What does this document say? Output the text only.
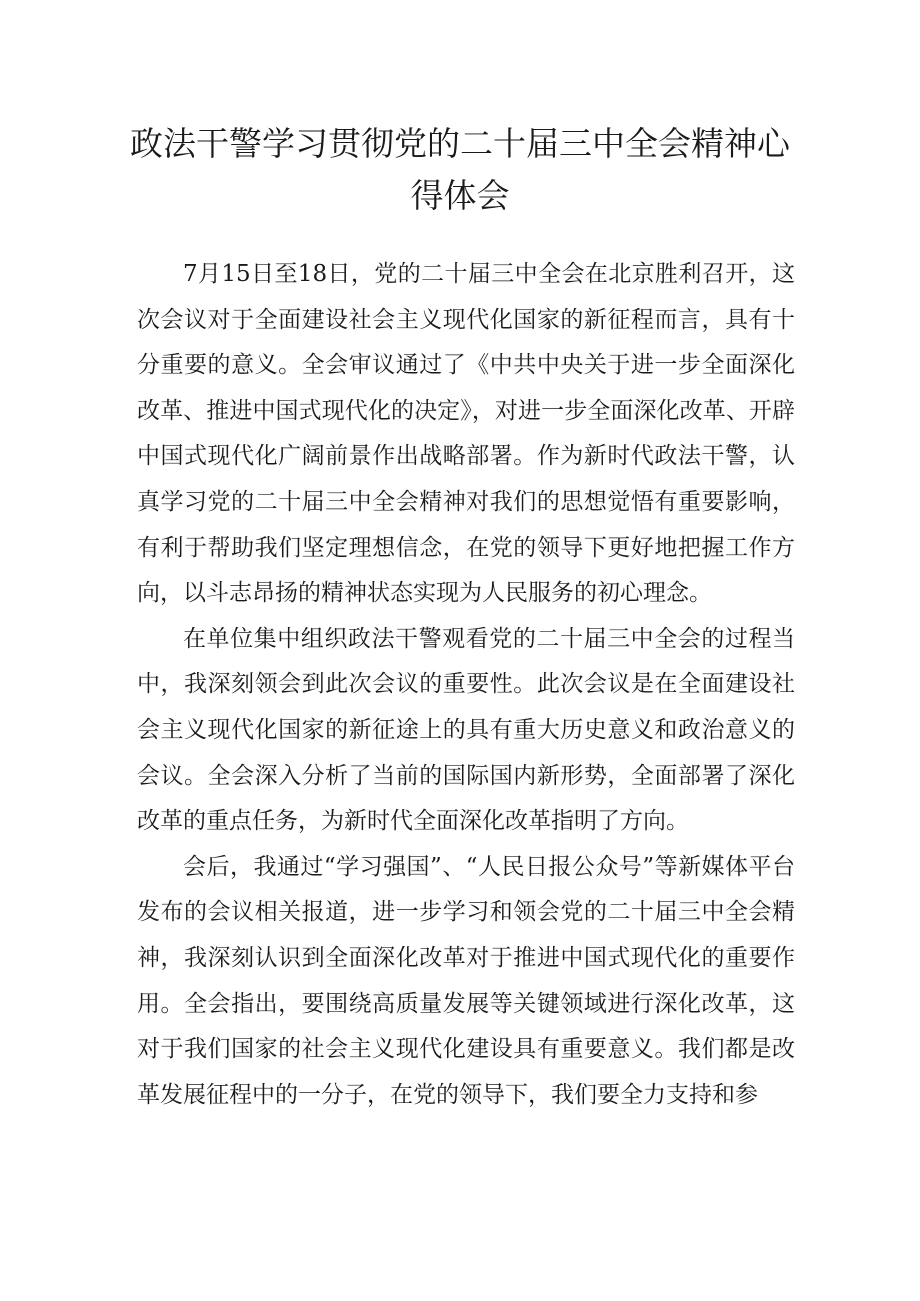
政法干警学习贯彻党的二十届三中全会精神心得体会

7月15日至18日，党的二十届三中全会在北京胜利召开，这次会议对于全面建设社会主义现代化国家的新征程而言，具有十分重要的意义。全会审议通过了《中共中央关于进一步全面深化改革、推进中国式现代化的决定》，对进一步全面深化改革、开辟中国式现代化广阔前景作出战略部署。作为新时代政法干警，认真学习党的二十届三中全会精神对我们的思想觉悟有重要影响，有利于帮助我们坚定理想信念，在党的领导下更好地把握工作方向，以斗志昂扬的精神状态实现为人民服务的初心理念。

在单位集中组织政法干警观看党的二十届三中全会的过程当中，我深刻领会到此次会议的重要性。此次会议是在全面建设社会主义现代化国家的新征途上的具有重大历史意义和政治意义的会议。全会深入分析了当前的国际国内新形势，全面部署了深化改革的重点任务，为新时代全面深化改革指明了方向。

会后，我通过“学习强国”、“人民日报公众号”等新媒体平台发布的会议相关报道，进一步学习和领会党的二十届三中全会精神，我深刻认识到全面深化改革对于推进中国式现代化的重要作用。全会指出，要围绕高质量发展等关键领域进行深化改革，这对于我们国家的社会主义现代化建设具有重要意义。我们都是改革发展征程中的一分子，在党的领导下，我们要全力支持和参
